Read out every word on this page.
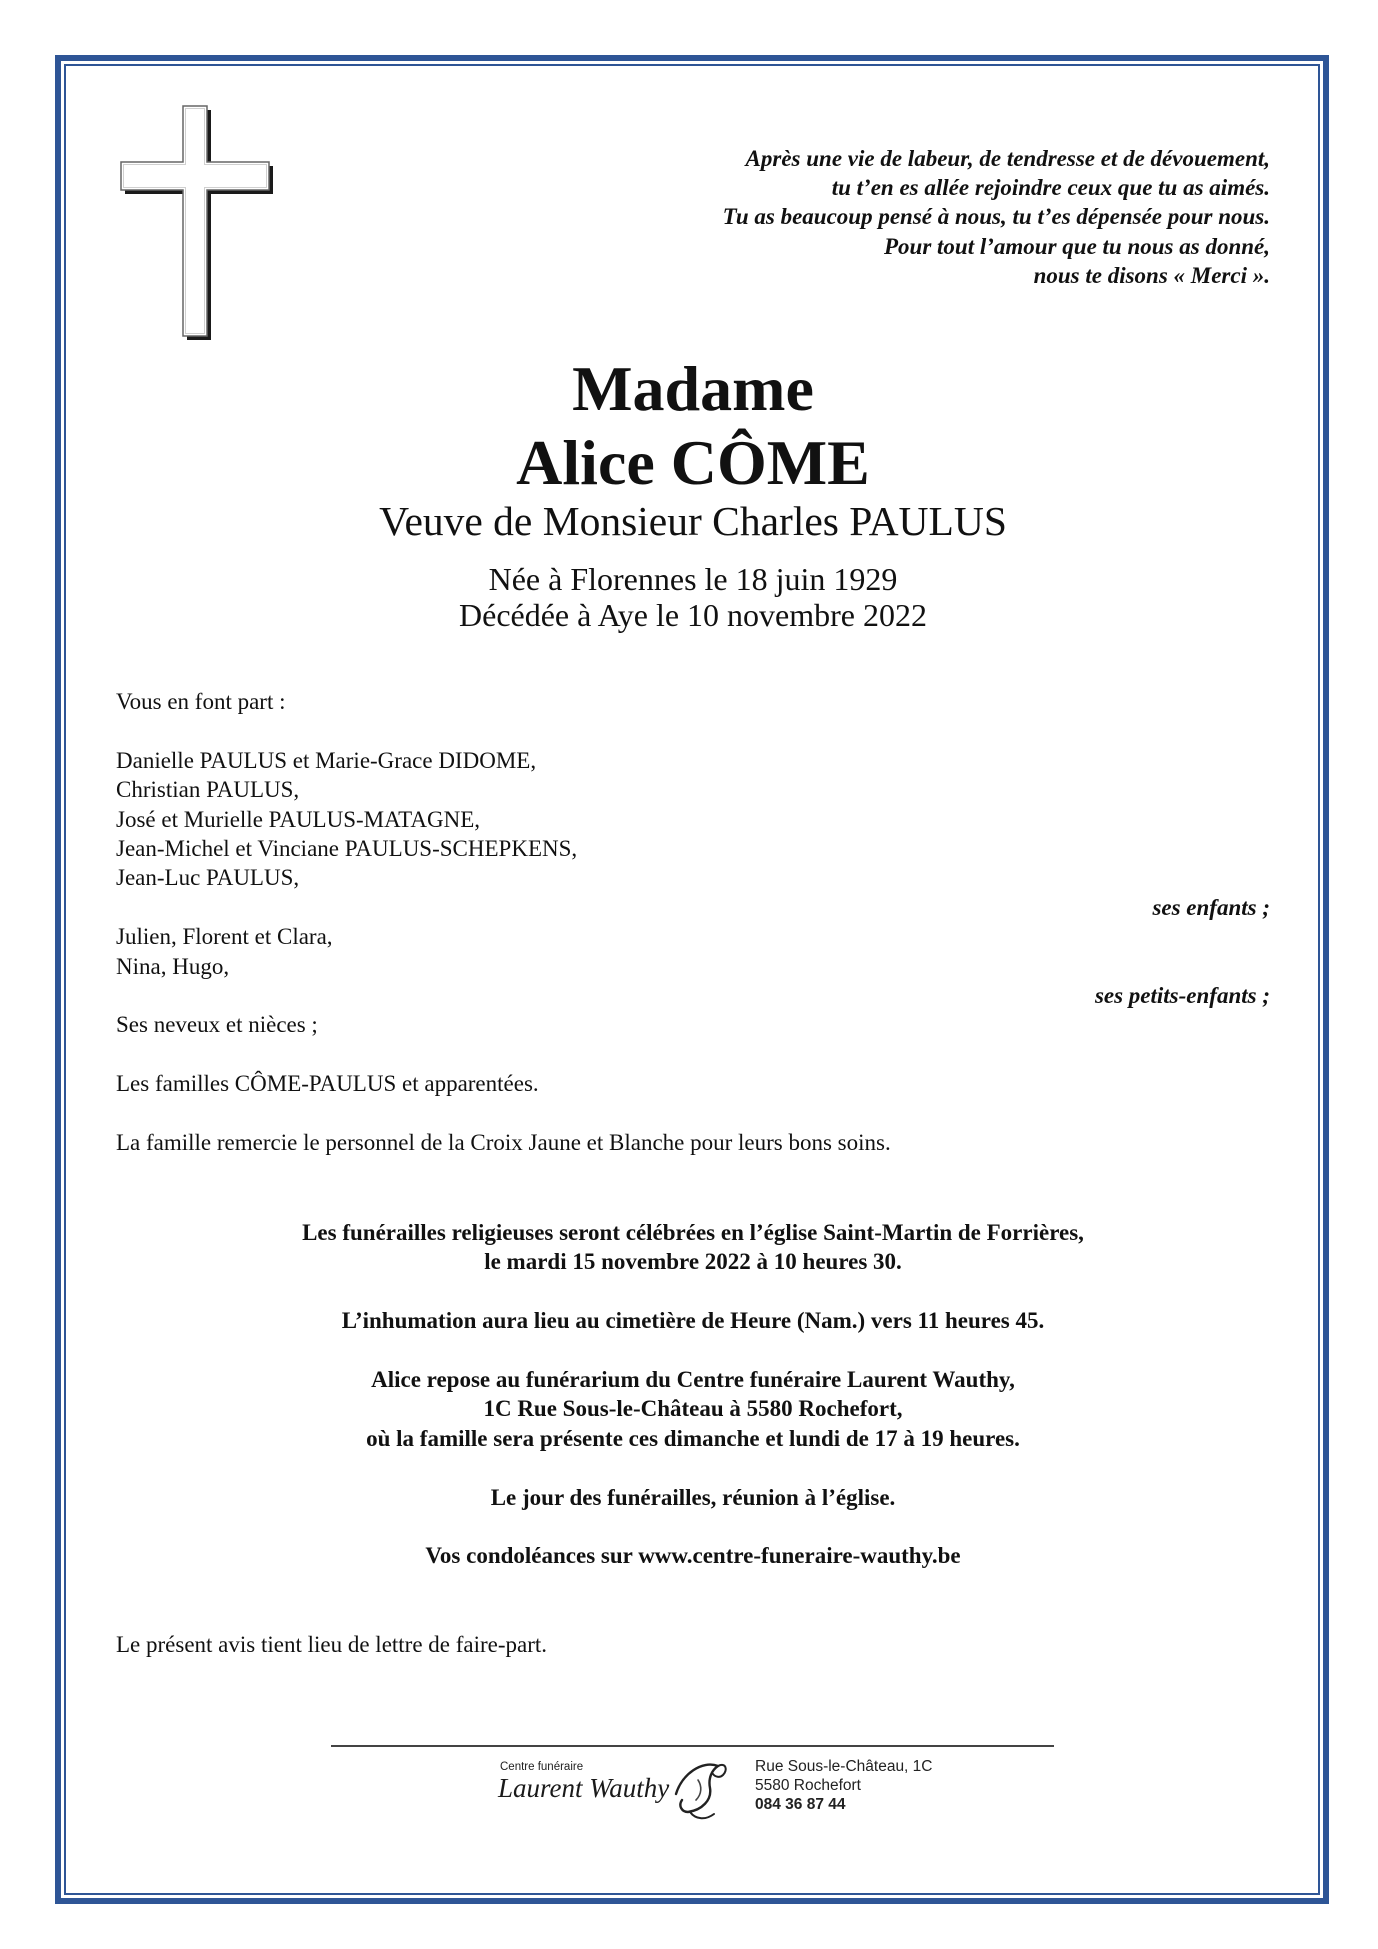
Après une vie de labeur, de tendresse et de dévouement,
tu t’en es allée rejoindre ceux que tu as aimés.
Tu as beaucoup pensé à nous, tu t’es dépensée pour nous.
Pour tout l’amour que tu nous as donné,
nous te disons « Merci ».
Madame
Alice CÔME
Veuve de Monsieur Charles PAULUS
Née à Florennes le 18 juin 1929
Décédée à Aye le 10 novembre 2022
Vous en font part :
Danielle PAULUS et Marie-Grace DIDOME,
Christian PAULUS,
José et Murielle PAULUS-MATAGNE,
Jean-Michel et Vinciane PAULUS-SCHEPKENS,
Jean-Luc PAULUS,
ses enfants ;
Julien, Florent et Clara,
Nina, Hugo,
ses petits-enfants ;
Ses neveux et nièces ;
Les familles CÔME-PAULUS et apparentées.
La famille remercie le personnel de la Croix Jaune et Blanche pour leurs bons soins.
Les funérailles religieuses seront célébrées en l’église Saint-Martin de Forrières,
le mardi 15 novembre 2022 à 10 heures 30.
L’inhumation aura lieu au cimetière de Heure (Nam.) vers 11 heures 45.
Alice repose au funérarium du Centre funéraire Laurent Wauthy,
1C Rue Sous-le-Château à 5580 Rochefort,
où la famille sera présente ces dimanche et lundi de 17 à 19 heures.
Le jour des funérailles, réunion à l’église.
Vos condoléances sur www.centre-funeraire-wauthy.be
Le présent avis tient lieu de lettre de faire-part.
Centre funéraire
Laurent Wauthy
Rue Sous-le-Château, 1C
5580 Rochefort
084 36 87 44
